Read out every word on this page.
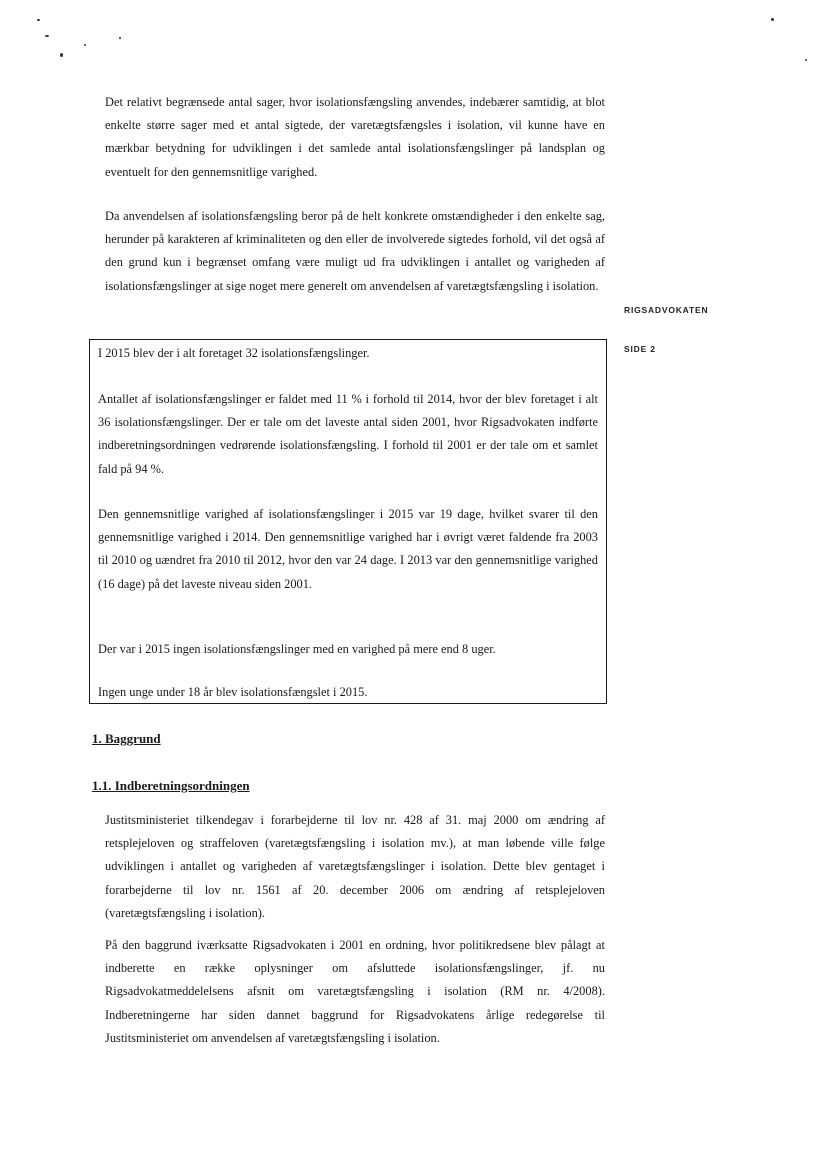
Det relativt begrænsede antal sager, hvor isolationsfængsling anvendes, indebærer samtidig, at blot enkelte større sager med et antal sigtede, der varetægtsfængsles i isolation, vil kunne have en mærkbar betydning for udviklingen i det samlede antal isolationsfængslinger på landsplan og eventuelt for den gennemsnitlige varighed.

Da anvendelsen af isolationsfængsling beror på de helt konkrete omstændigheder i den enkelte sag, herunder på karakteren af kriminaliteten og den eller de involverede sigtedes forhold, vil det også af den grund kun i begrænset omfang være muligt ud fra udviklingen i antallet og varigheden af isolationsfængslinger at sige noget mere generelt om anvendelsen af varetægtsfængsling i isolation.

RIGSADVOKATEN
SIDE 2

I 2015 blev der i alt foretaget 32 isolationsfængslinger.

Antallet af isolationsfængslinger er faldet med 11 % i forhold til 2014, hvor der blev foretaget i alt 36 isolationsfængslinger. Der er tale om det laveste antal siden 2001, hvor Rigsadvokaten indførte indberetningsordningen vedrørende isolationsfængsling. I forhold til 2001 er der tale om et samlet fald på 94 %.

Den gennemsnitlige varighed af isolationsfængslinger i 2015 var 19 dage, hvilket svarer til den gennemsnitlige varighed i 2014. Den gennemsnitlige varighed har i øvrigt været faldende fra 2003 til 2010 og uændret fra 2010 til 2012, hvor den var 24 dage. I 2013 var den gennemsnitlige varighed (16 dage) på det laveste niveau siden 2001.

Der var i 2015 ingen isolationsfængslinger med en varighed på mere end 8 uger.

Ingen unge under 18 år blev isolationsfængslet i 2015.

1. Baggrund
1.1. Indberetningsordningen

Justitsministeriet tilkendegav i forarbejderne til lov nr. 428 af 31. maj 2000 om ændring af retsplejeloven og straffeloven (varetægtsfængsling i isolation mv.), at man løbende ville følge udviklingen i antallet og varigheden af varetægtsfængslinger i isolation. Dette blev gentaget i forarbejderne til lov nr. 1561 af 20. december 2006 om ændring af retsplejeloven (varetægtsfængsling i isolation).

På den baggrund iværksatte Rigsadvokaten i 2001 en ordning, hvor politikredsene blev pålagt at indberette en række oplysninger om afsluttede isolationsfængslinger, jf. nu Rigsadvokatmeddelelsens afsnit om varetægtsfængsling i isolation (RM nr. 4/2008). Indberetningerne har siden dannet baggrund for Rigsadvokatens årlige redegørelse til Justitsministeriet om anvendelsen af varetægtsfængsling i isolation.
